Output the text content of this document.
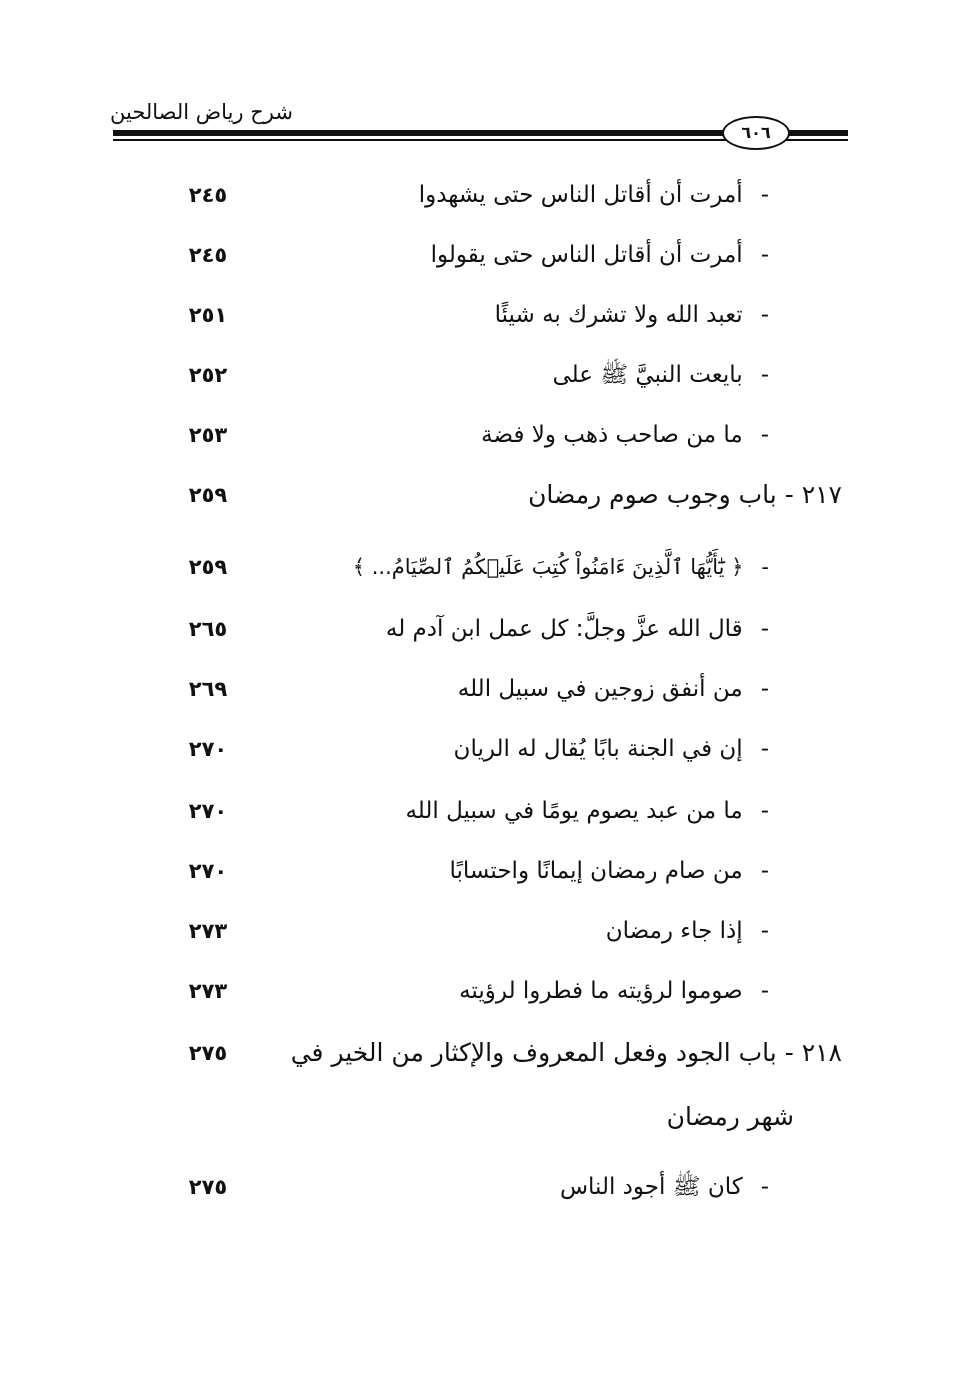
شرح رياض الصالحين
٦٠٦
-أمرت أن أقاتل الناس حتى يشهدوا
٢٤٥
-أمرت أن أقاتل الناس حتى يقولوا
٢٤٥
-تعبد الله ولا تشرك به شيئًا
٢٥١
-بايعت النبيَّ ﷺ على
٢٥٢
-ما من صاحب ذهب ولا فضة
٢٥٣
٢١٧ -باب وجوب صوم رمضان
٢٥٩
-﴿ يَٰٓأَيُّهَا ٱلَّذِينَ ءَامَنُواْ كُتِبَ عَلَيۡكُمُ ٱلصِّيَامُ... ﴾
٢٥٩
-قال الله عزَّ وجلَّ: كل عمل ابن آدم له
٢٦٥
-من أنفق زوجين في سبيل الله
٢٦٩
-إن في الجنة بابًا يُقال له الريان
٢٧٠
-ما من عبد يصوم يومًا في سبيل الله
٢٧٠
-من صام رمضان إيمانًا واحتسابًا
٢٧٠
-إذا جاء رمضان
٢٧٣
-صوموا لرؤيته ما فطروا لرؤيته
٢٧٣
٢١٨ -باب الجود وفعل المعروف والإكثار من الخير في
٢٧٥
شهر رمضان
-كان ﷺ أجود الناس
٢٧٥
